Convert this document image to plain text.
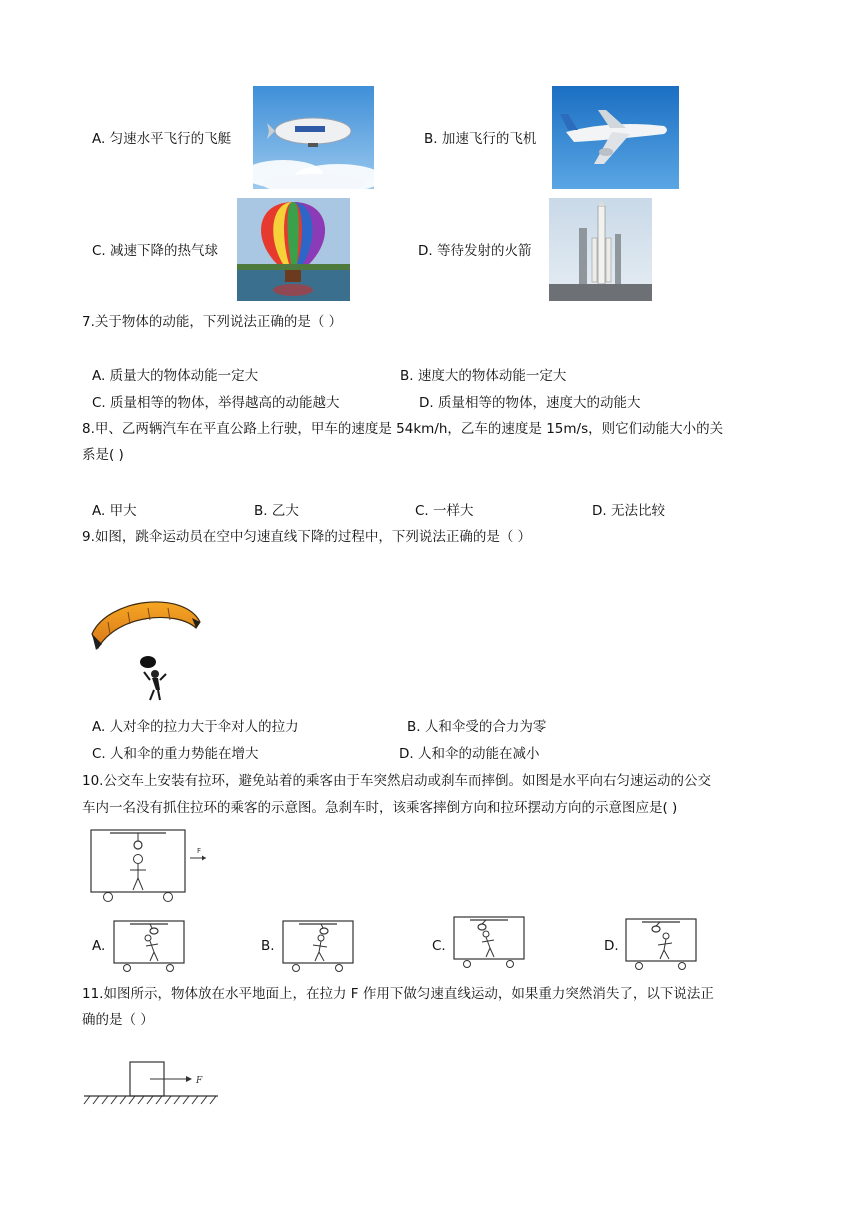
A. 匀速水平飞行的飞艇	B. 加速飞行的飞机
C. 减速下降的热气球	D. 等待发射的火箭
7.关于物体的动能，下列说法正确的是（ ）
A. 质量大的物体动能一定大	B. 速度大的物体动能一定大
C. 质量相等的物体，举得越高的动能越大	D. 质量相等的物体，速度大的动能大
8.甲、乙两辆汽车在平直公路上行驶，甲车的速度是 54km/h，乙车的速度是 15m/s，则它们动能大小的关
系是( )
A. 甲大	B. 乙大	C. 一样大	D. 无法比较
9.如图，跳伞运动员在空中匀速直线下降的过程中，下列说法正确的是（ ）
A. 人对伞的拉力大于伞对人的拉力	B. 人和伞受的合力为零
C. 人和伞的重力势能在增大	D. 人和伞的动能在减小
10.公交车上安装有拉环，避免站着的乘客由于车突然启动或刹车而摔倒。如图是水平向右匀速运动的公交
车内一名没有抓住拉环的乘客的示意图。急刹车时，该乘客摔倒方向和拉环摆动方向的示意图应是( )
F
A.	B.	C.	D.
11.如图所示，物体放在水平地面上，在拉力 F 作用下做匀速直线运动，如果重力突然消失了，以下说法正
确的是（ ）
F
